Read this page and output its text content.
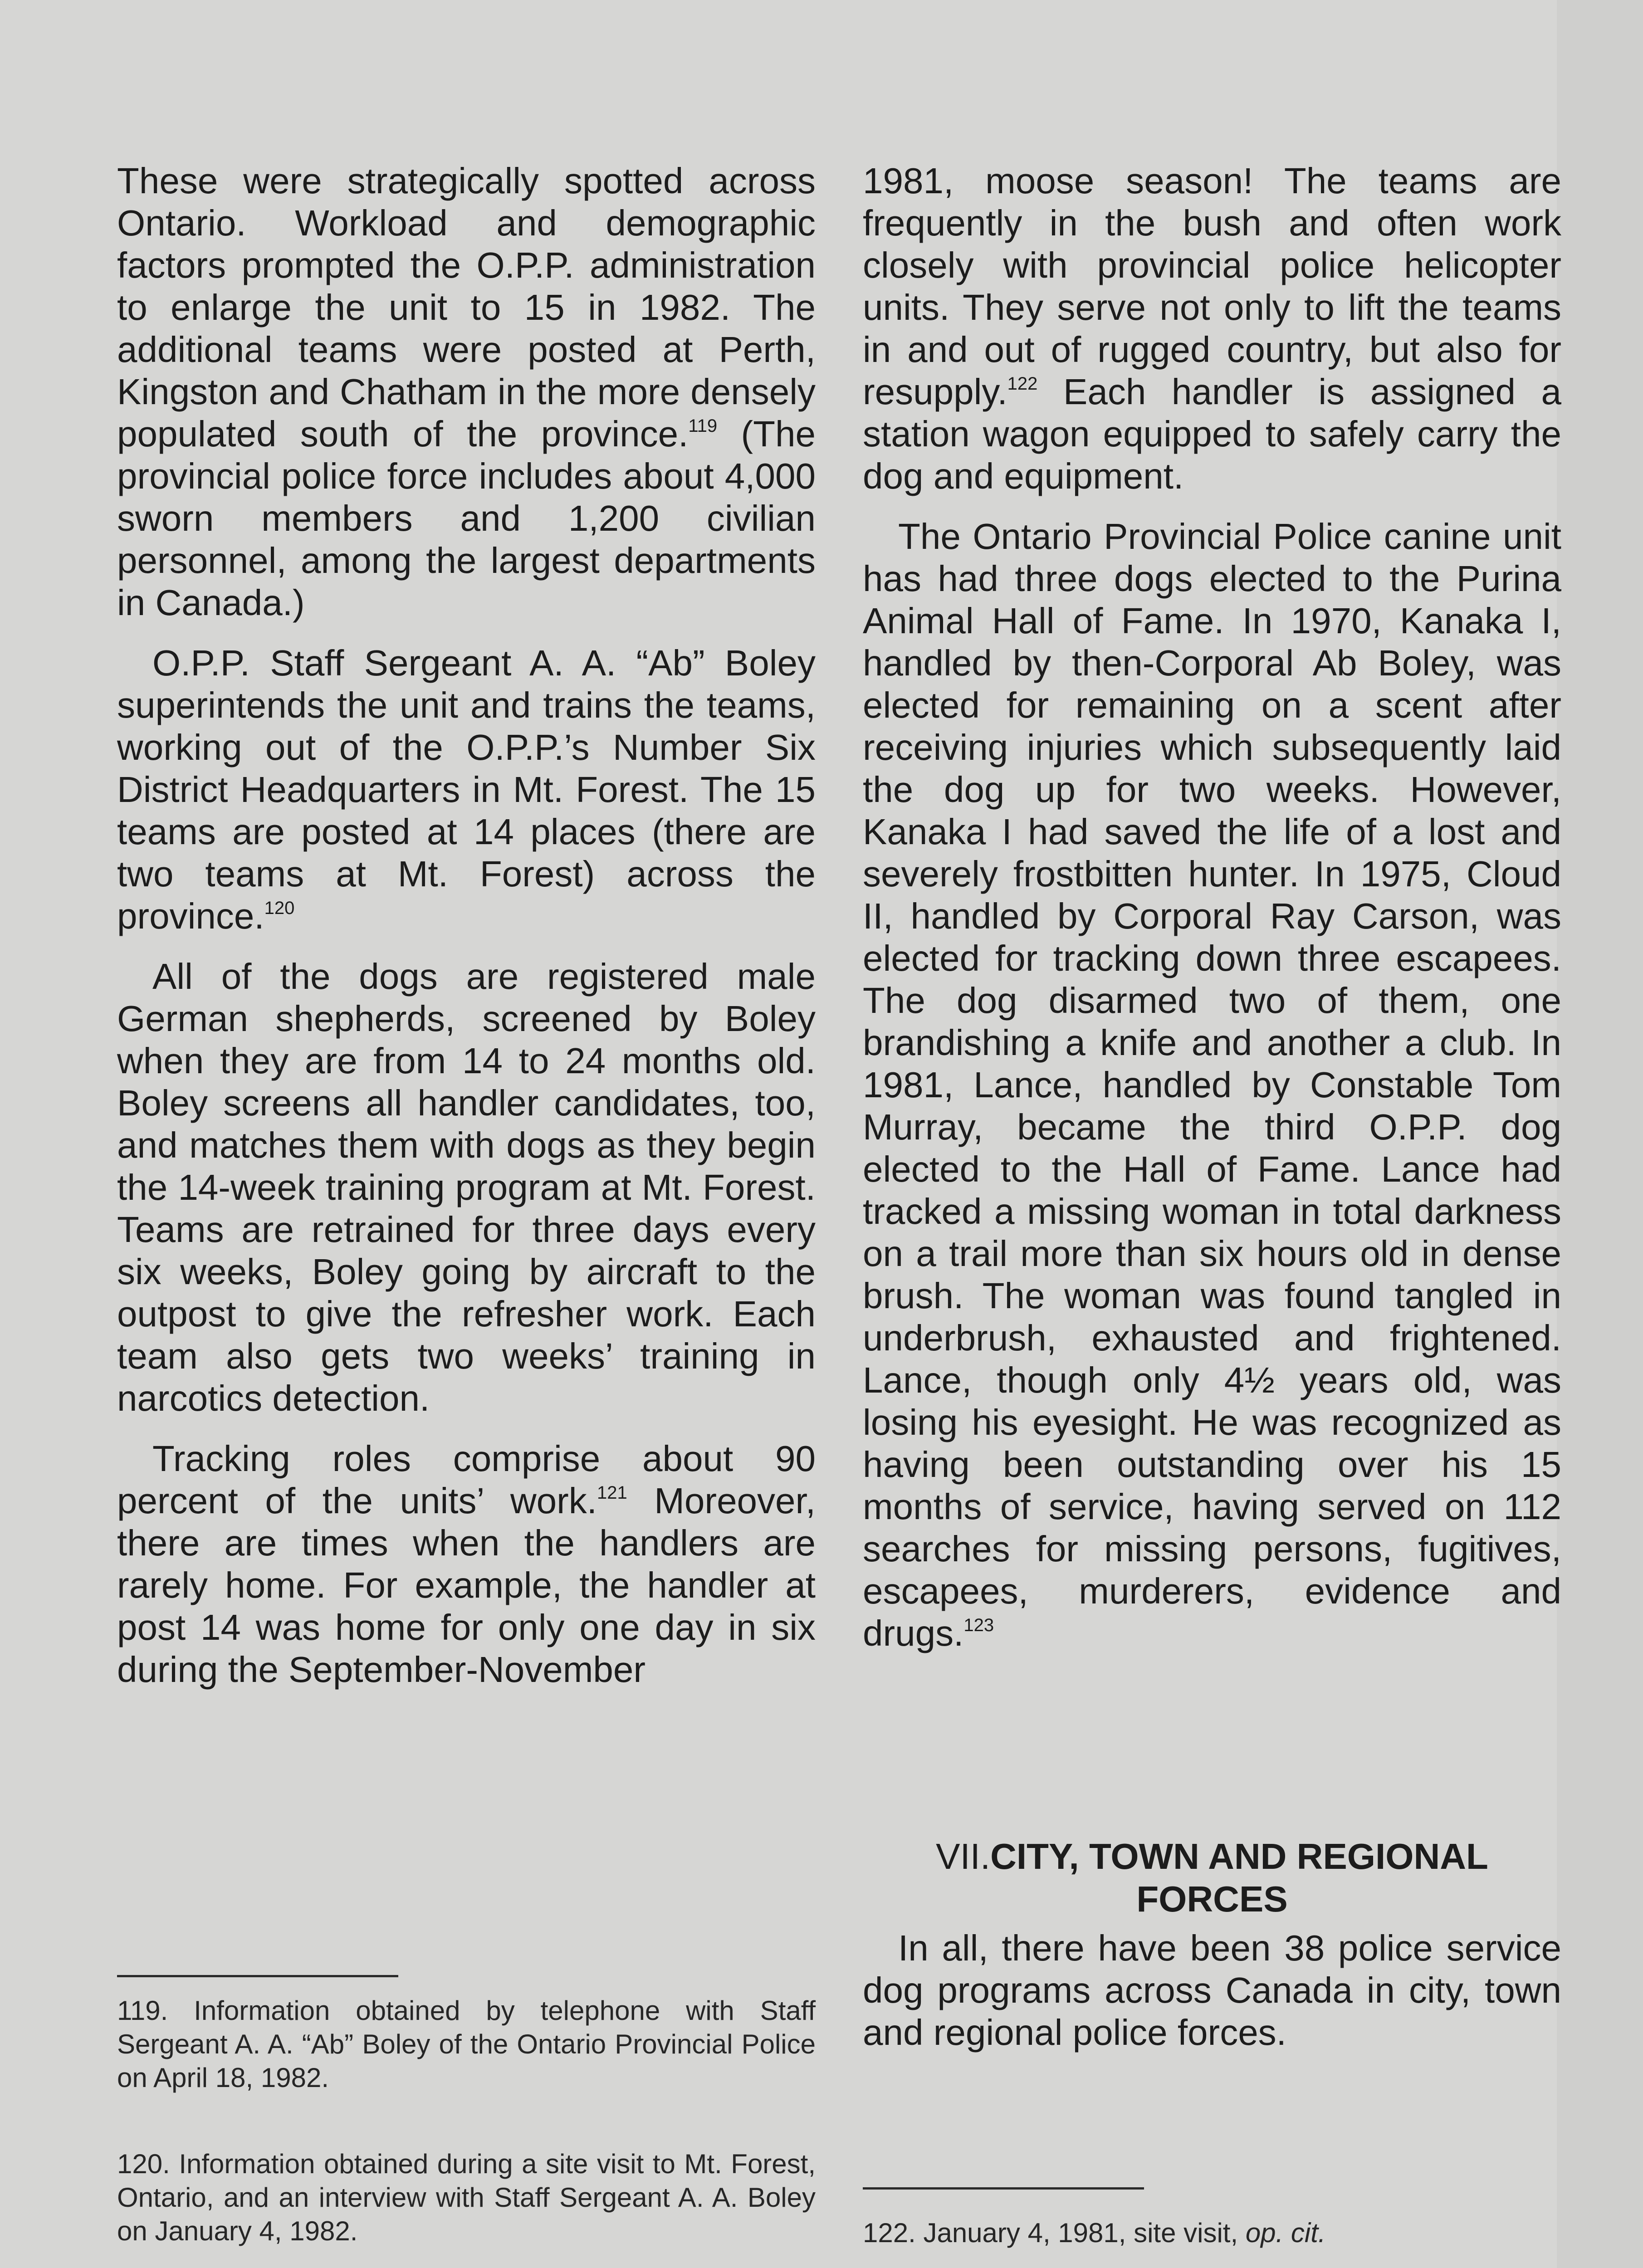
These were strategically spotted across Ontario. Workload and demographic factors prompted the O.P.P. administration to enlarge the unit to 15 in 1982. The additional teams were posted at Perth, Kingston and Chatham in the more densely populated south of the province.$^{119}$ (The provincial police force includes about 4,000 sworn members and 1,200 civilian personnel, among the largest departments in Canada.)

O.P.P. Staff Sergeant A. A. “Ab” Boley superintends the unit and trains the teams, working out of the O.P.P.’s Number Six District Headquarters in Mt. Forest. The 15 teams are posted at 14 places (there are two teams at Mt. Forest) across the province.$^{120}$

All of the dogs are registered male German shepherds, screened by Boley when they are from 14 to 24 months old. Boley screens all handler candidates, too, and matches them with dogs as they begin the 14-week training program at Mt. Forest. Teams are retrained for three days every six weeks, Boley going by aircraft to the outpost to give the refresher work. Each team also gets two weeks’ training in narcotics detection.

Tracking roles comprise about 90 percent of the units’ work.$^{121}$ Moreover, there are times when the handlers are rarely home. For example, the handler at post 14 was home for only one day in six during the September-November

1981, moose season! The teams are frequently in the bush and often work closely with provincial police helicopter units. They serve not only to lift the teams in and out of rugged country, but also for resupply.$^{122}$ Each handler is assigned a station wagon equipped to safely carry the dog and equipment.

The Ontario Provincial Police canine unit has had three dogs elected to the Purina Animal Hall of Fame. In 1970, Kanaka I, handled by then-Corporal Ab Boley, was elected for remaining on a scent after receiving injuries which subsequently laid the dog up for two weeks. However, Kanaka I had saved the life of a lost and severely frostbitten hunter. In 1975, Cloud II, handled by Corporal Ray Carson, was elected for tracking down three escapees. The dog disarmed two of them, one brandishing a knife and another a club. In 1981, Lance, handled by Constable Tom Murray, became the third O.P.P. dog elected to the Hall of Fame. Lance had tracked a missing woman in total darkness on a trail more than six hours old in dense brush. The woman was found tangled in underbrush, exhausted and frightened. Lance, though only 4½ years old, was losing his eyesight. He was recognized as having been outstanding over his 15 months of service, having served on 112 searches for missing persons, fugitives, escapees, murderers, evidence and drugs.$^{123}$

VII.CITY, TOWN AND REGIONAL FORCES

In all, there have been 38 police service dog programs across Canada in city, town and regional police forces.

119. Information obtained by telephone with Staff Sergeant A. A. “Ab” Boley of the Ontario Provincial Police on April 18, 1982.

120. Information obtained during a site visit to Mt. Forest, Ontario, and an interview with Staff Sergeant A. A. Boley on January 4, 1982.	122. January 4, 1981, site visit, op. cit.
